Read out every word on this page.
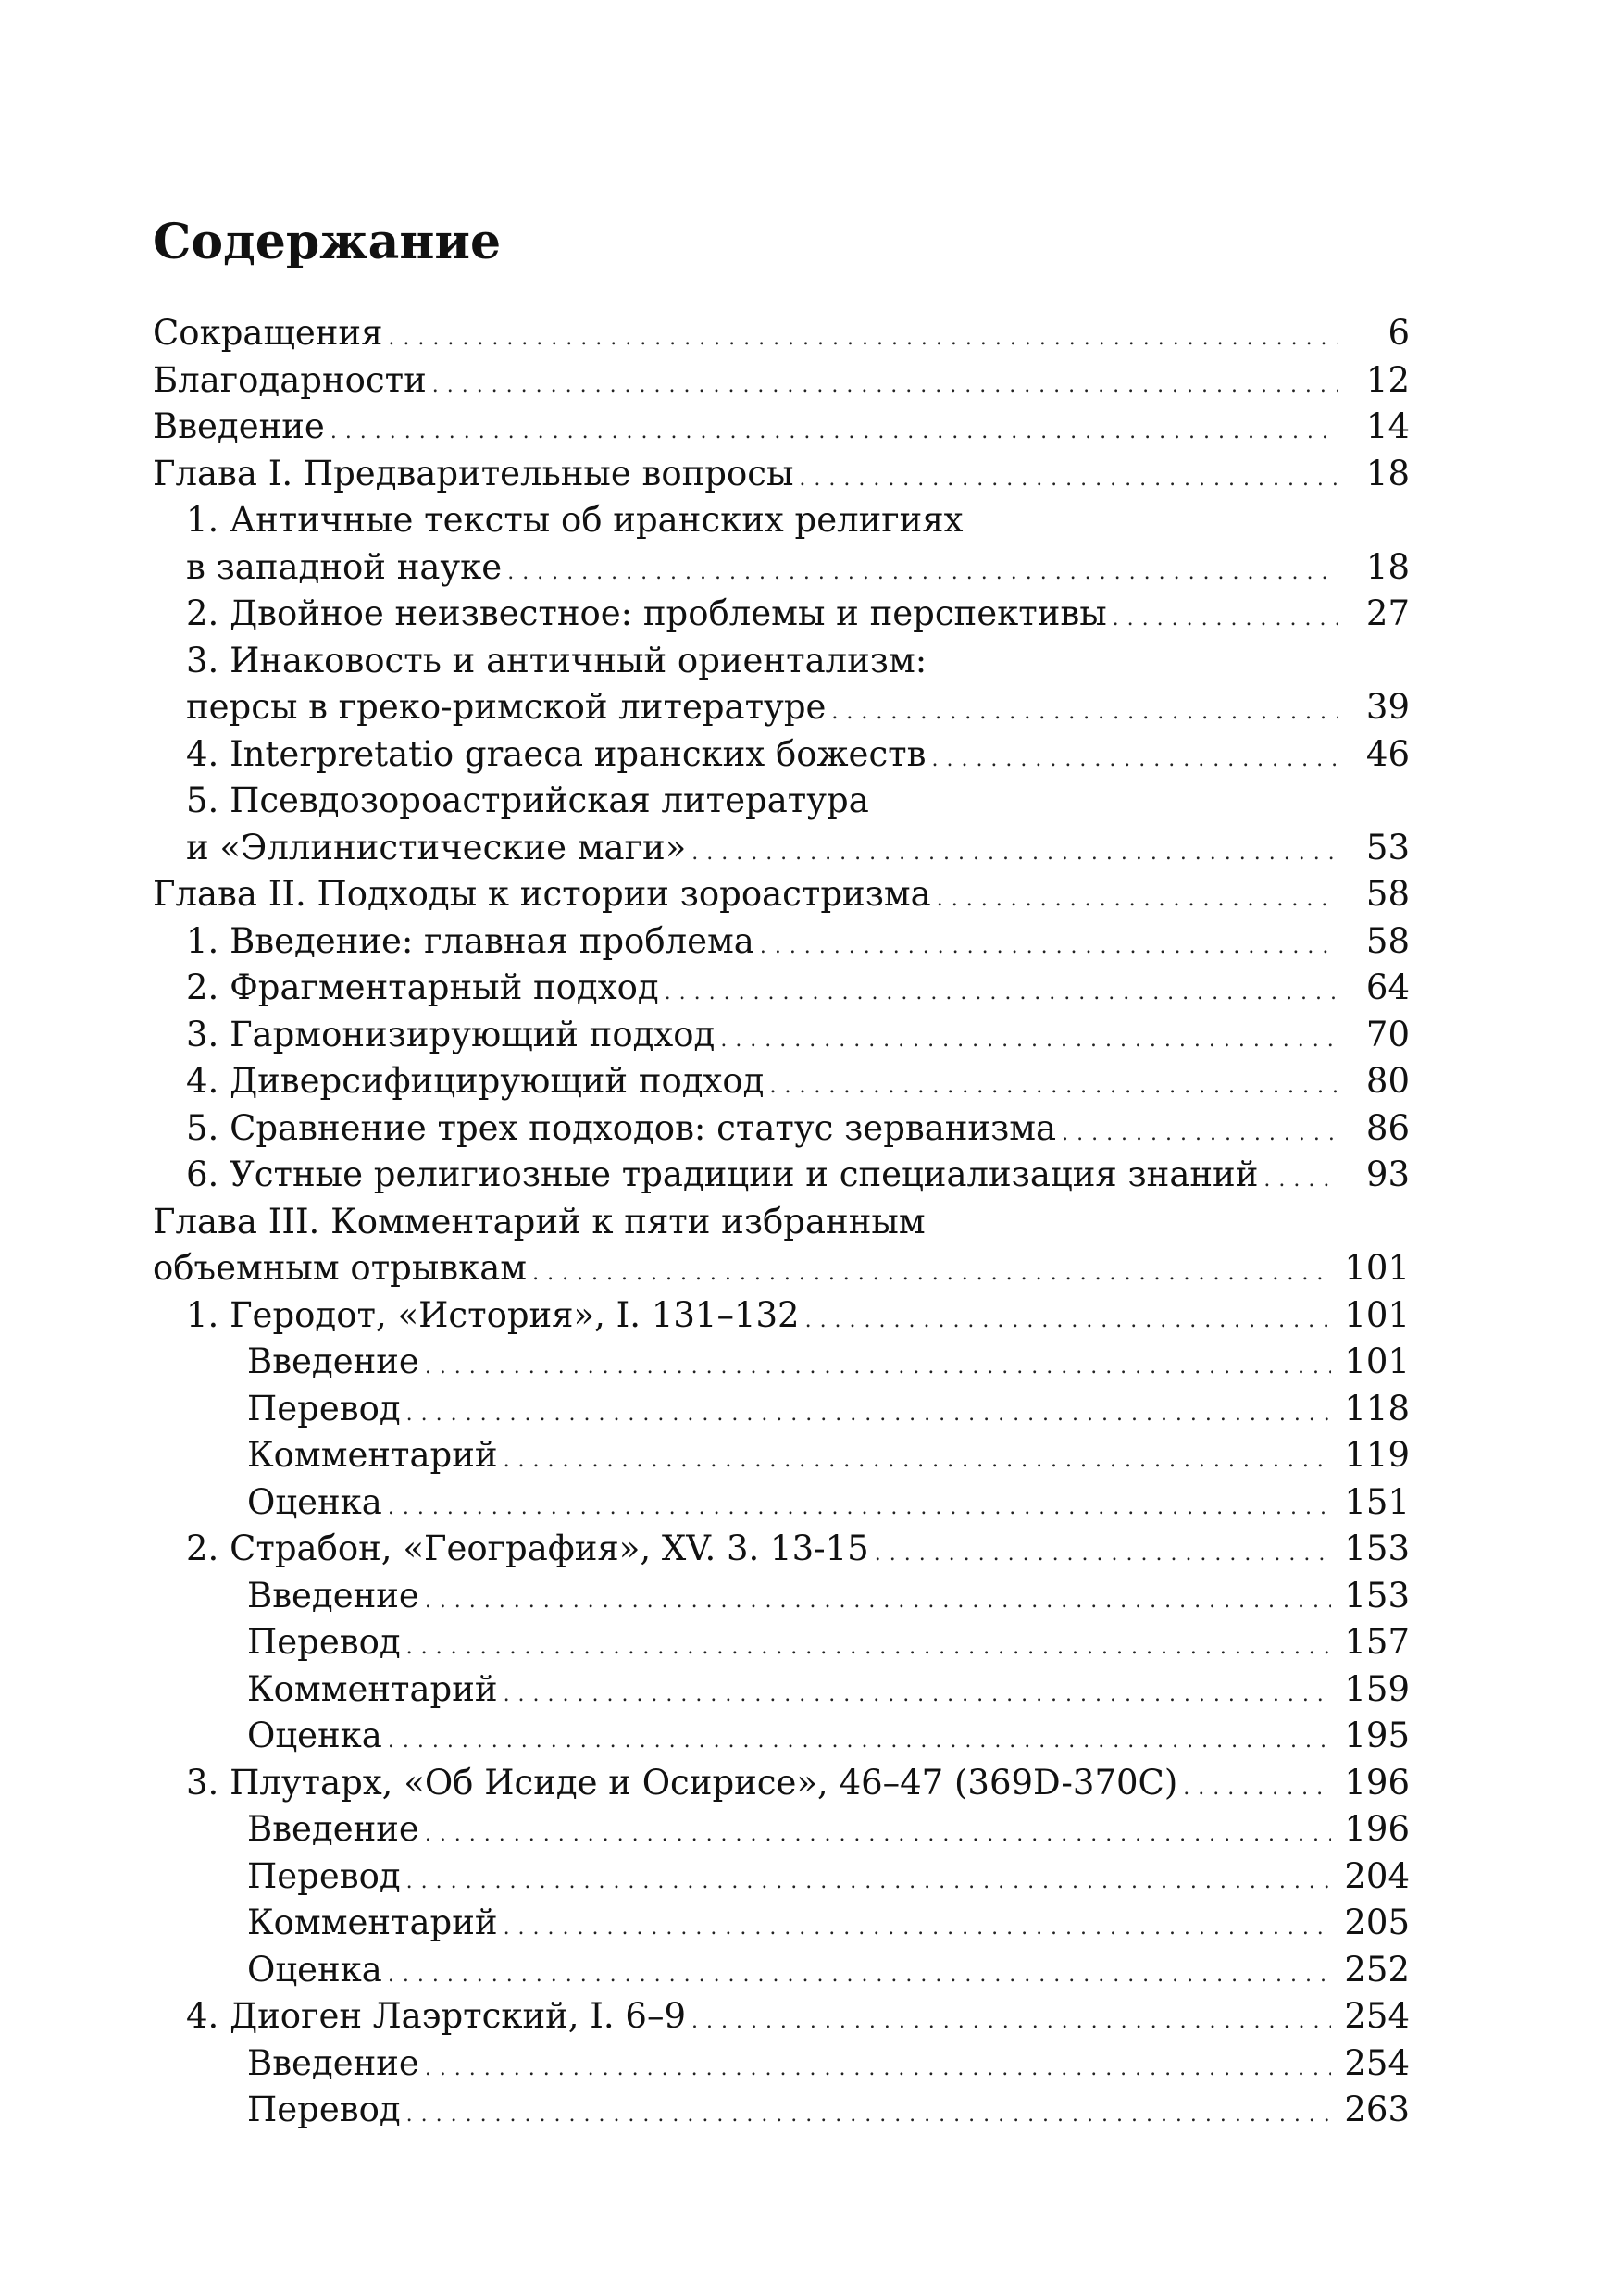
Содержание
Сокращения . . .	6
Благодарности . . .	12
Введение . . .	14
Глава I. Предварительные вопросы . . .	18
1. Античные тексты об иранских религиях
в западной науке . . .	18
2. Двойное неизвестное: проблемы и перспективы . . .	27
3. Инаковость и античный ориентализм:
персы в греко-римской литературе . . .	39
4. Interpretatio graeca иранских божеств . . .	46
5. Псевдозороастрийская литература
и «Эллинистические маги» . . .	53
Глава II. Подходы к истории зороастризма . . .	58
1. Введение: главная проблема . . .	58
2. Фрагментарный подход . . .	64
3. Гармонизирующий подход . . .	70
4. Диверсифицирующий подход . . .	80
5. Сравнение трех подходов: статус зерванизма . . .	86
6. Устные религиозные традиции и специализация знаний . . .	93
Глава III. Комментарий к пяти избранным
объемным отрывкам . . .	101
1. Геродот, «История», I. 131–132 . . .	101
Введение . . .	101
Перевод . . .	118
Комментарий . . .	119
Оценка . . .	151
2. Страбон, «География», XV. 3. 13-15 . . .	153
Введение . . .	153
Перевод . . .	157
Комментарий . . .	159
Оценка . . .	195
3. Плутарх, «Об Исиде и Осирисе», 46–47 (369D-370C) . . .	196
Введение . . .	196
Перевод . . .	204
Комментарий . . .	205
Оценка . . .	252
4. Диоген Лаэртский, I. 6–9 . . .	254
Введение . . .	254
Перевод . . .	263
